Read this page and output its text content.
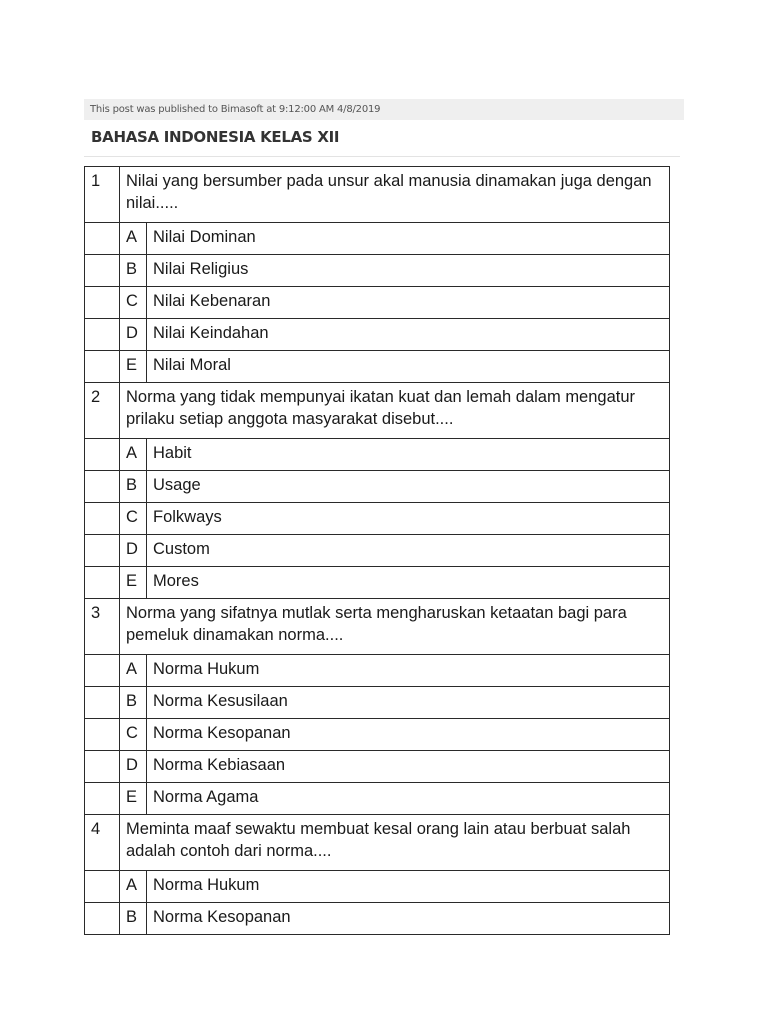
This post was published to Bimasoft at 9:12:00 AM 4/8/2019
BAHASA INDONESIA KELAS XII
1	Nilai yang bersumber pada unsur akal manusia dinamakan juga dengan nilai.....	
	A	Nilai Dominan
	B	Nilai Religius
	C	Nilai Kebenaran
	D	Nilai Keindahan
	E	Nilai Moral
2	Norma yang tidak mempunyai ikatan kuat dan lemah dalam mengatur prilaku setiap anggota masyarakat disebut....	
	A	Habit
	B	Usage
	C	Folkways
	D	Custom
	E	Mores
3	Norma yang sifatnya mutlak serta mengharuskan ketaatan bagi para pemeluk dinamakan norma....	
	A	Norma Hukum
	B	Norma Kesusilaan
	C	Norma Kesopanan
	D	Norma Kebiasaan
	E	Norma Agama
4	Meminta maaf sewaktu membuat kesal orang lain atau berbuat salah adalah contoh dari norma....	
	A	Norma Hukum
	B	Norma Kesopanan
